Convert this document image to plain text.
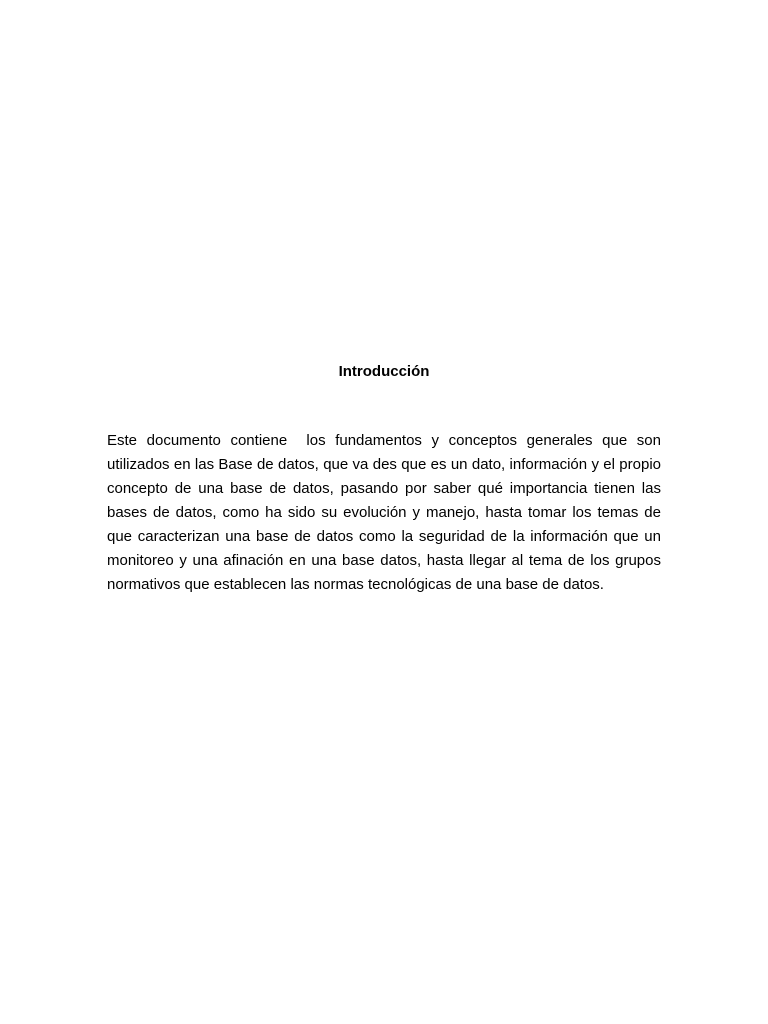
Introducción

Este documento contiene  los fundamentos y conceptos generales que son utilizados en las Base de datos, que va des que es un dato, información y el propio concepto de una base de datos, pasando por saber qué importancia tienen las bases de datos, como ha sido su evolución y manejo, hasta tomar los temas de que caracterizan una base de datos como la seguridad de la información que un monitoreo y una afinación en una base datos, hasta llegar al tema de los grupos normativos que establecen las normas tecnológicas de una base de datos.
